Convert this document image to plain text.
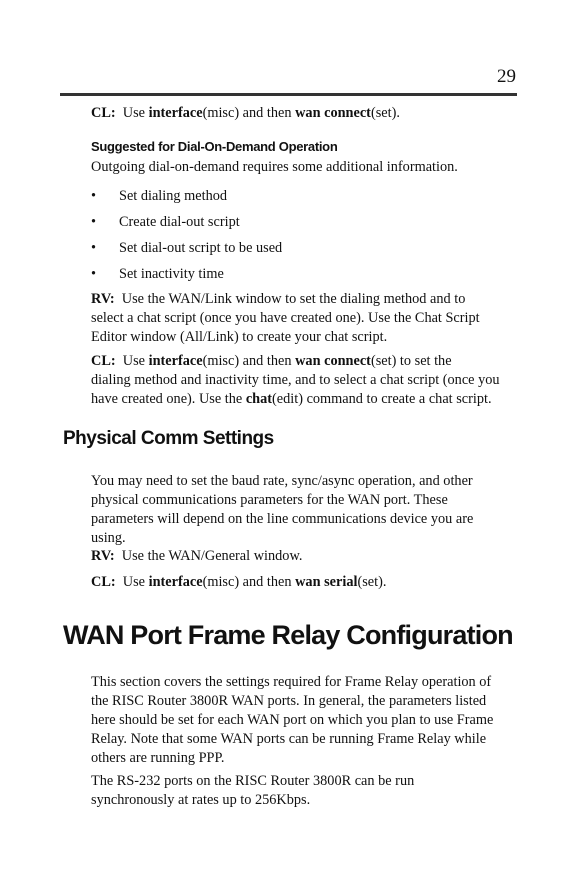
29

CL: Use interface(misc) and then wan connect(set).

Suggested for Dial-On-Demand Operation

Outgoing dial-on-demand requires some additional information.

• Set dialing method
• Create dial-out script
• Set dial-out script to be used
• Set inactivity time

RV: Use the WAN/Link window to set the dialing method and to
select a chat script (once you have created one). Use the Chat Script
Editor window (All/Link) to create your chat script.

CL: Use interface(misc) and then wan connect(set) to set the
dialing method and inactivity time, and to select a chat script (once you
have created one). Use the chat(edit) command to create a chat script.

Physical Comm Settings

You may need to set the baud rate, sync/async operation, and other
physical communications parameters for the WAN port. These
parameters will depend on the line communications device you are
using.

RV: Use the WAN/General window.

CL: Use interface(misc) and then wan serial(set).

WAN Port Frame Relay Configuration

This section covers the settings required for Frame Relay operation of
the RISC Router 3800R WAN ports. In general, the parameters listed
here should be set for each WAN port on which you plan to use Frame
Relay. Note that some WAN ports can be running Frame Relay while
others are running PPP.

The RS-232 ports on the RISC Router 3800R can be run
synchronously at rates up to 256Kbps.
